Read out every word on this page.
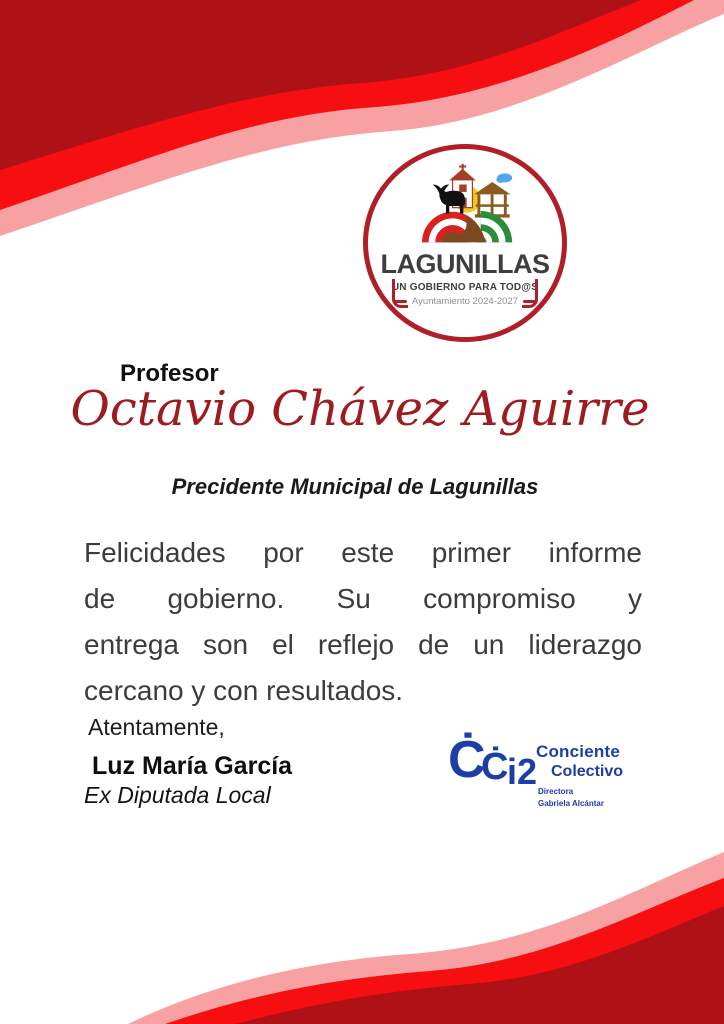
LAGUNILLAS
UN GOBIERNO PARA TOD@S
Ayuntamiento 2024-2027
Profesor
Octavio Chávez Aguirre
Precidente Municipal de Lagunillas
Felicidades por este primer informe
de gobierno. Su compromiso y
entrega son el reflejo de un liderazgo
cercano y con resultados.
Atentamente,
Luz María García
Ex Diputada Local
Ċ
Ċ
i2
Conciente
Colectivo
Directora
Gabriela Alcántar
